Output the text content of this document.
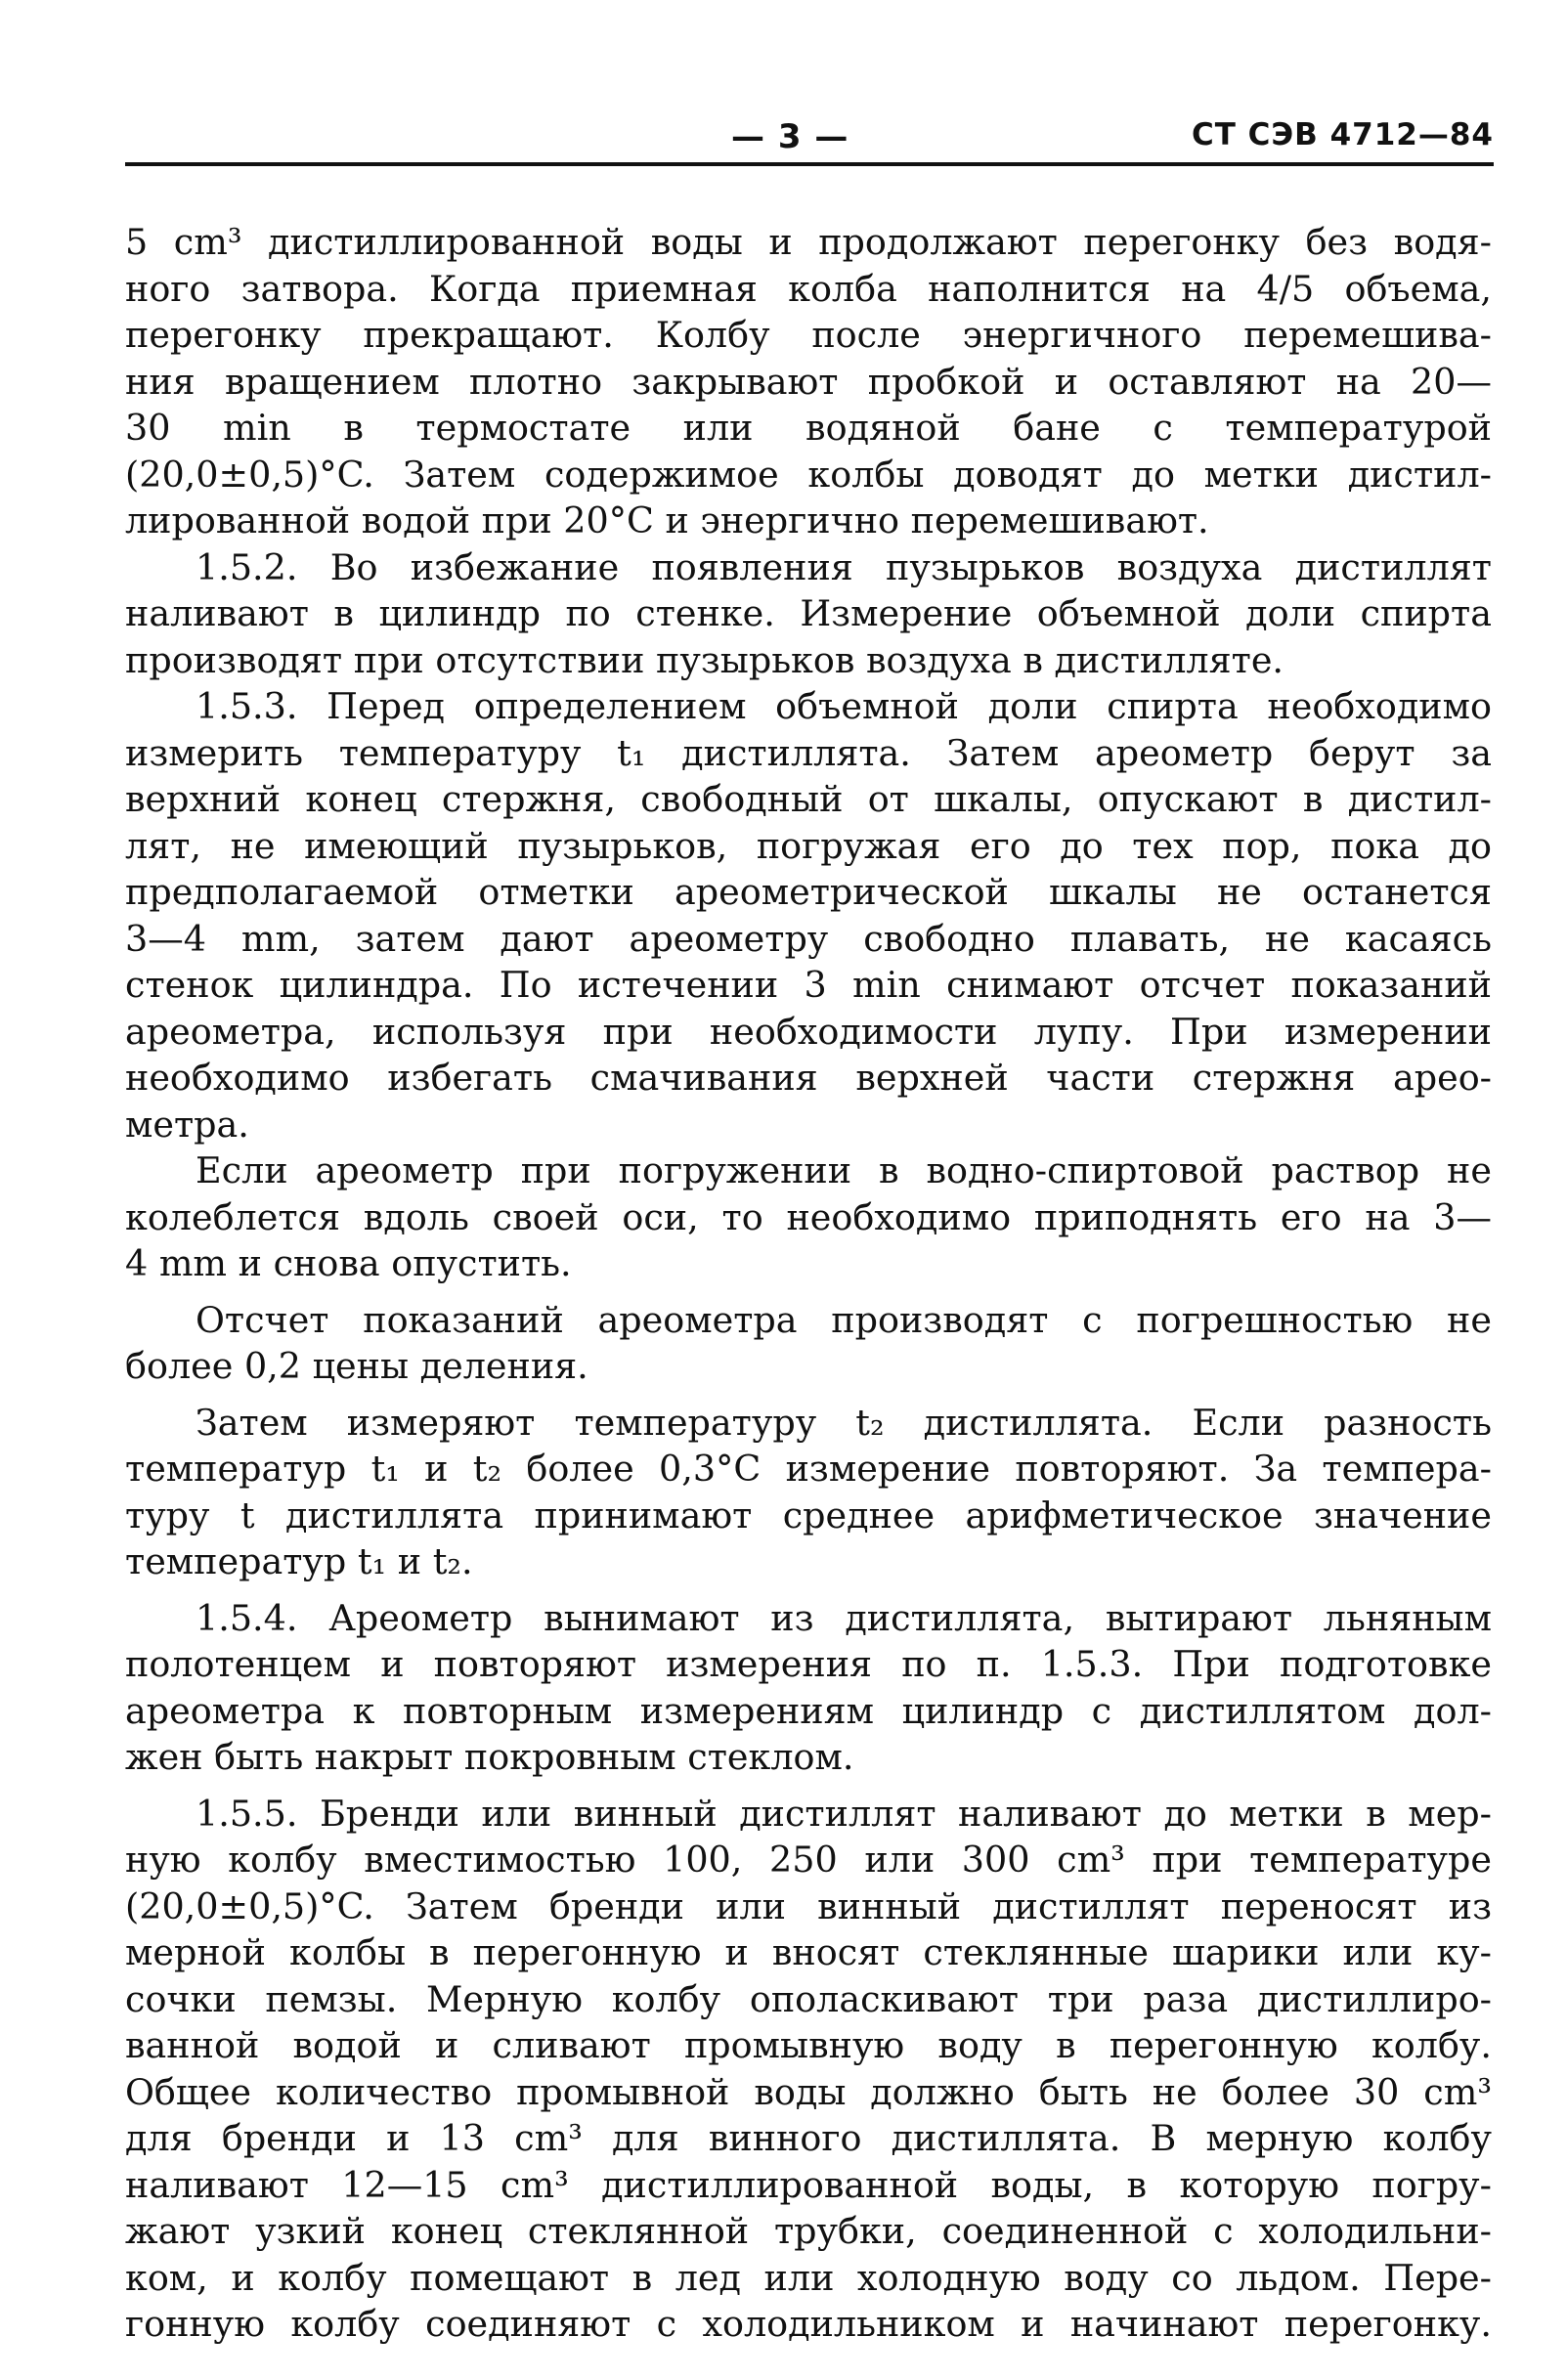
— 3 —	СТ СЭВ 4712—84
5 cm³ дистиллированной воды и продолжают перегонку без водя-
ного затвора. Когда приемная колба наполнится на 4/5 объема,
перегонку прекращают. Колбу после энергичного перемешива-
ния вращением плотно закрывают пробкой и оставляют на 20—
30 min в термостате или водяной бане с температурой
(20,0±0,5)°C. Затем содержимое колбы доводят до метки дистил-
лированной водой при 20°C и энергично перемешивают.
1.5.2. Во избежание появления пузырьков воздуха дистиллят
наливают в цилиндр по стенке. Измерение объемной доли спирта
производят при отсутствии пузырьков воздуха в дистилляте.
1.5.3. Перед определением объемной доли спирта необходимо
измерить температуру t₁ дистиллята. Затем ареометр берут за
верхний конец стержня, свободный от шкалы, опускают в дистил-
лят, не имеющий пузырьков, погружая его до тех пор, пока до
предполагаемой отметки ареометрической шкалы не останется
3—4 mm, затем дают ареометру свободно плавать, не касаясь
стенок цилиндра. По истечении 3 min снимают отсчет показаний
ареометра, используя при необходимости лупу. При измерении
необходимо избегать смачивания верхней части стержня арео-
метра.
Если ареометр при погружении в водно-спиртовой раствор не
колеблется вдоль своей оси, то необходимо приподнять его на 3—
4 mm и снова опустить.
Отсчет показаний ареометра производят с погрешностью не
более 0,2 цены деления.
Затем измеряют температуру t₂ дистиллята. Если разность
температур t₁ и t₂ более 0,3°C измерение повторяют. За темпера-
туру t дистиллята принимают среднее арифметическое значение
температур t₁ и t₂.
1.5.4. Ареометр вынимают из дистиллята, вытирают льняным
полотенцем и повторяют измерения по п. 1.5.3. При подготовке
ареометра к повторным измерениям цилиндр с дистиллятом дол-
жен быть накрыт покровным стеклом.
1.5.5. Бренди или винный дистиллят наливают до метки в мер-
ную колбу вместимостью 100, 250 или 300 cm³ при температуре
(20,0±0,5)°C. Затем бренди или винный дистиллят переносят из
мерной колбы в перегонную и вносят стеклянные шарики или ку-
сочки пемзы. Мерную колбу ополаскивают три раза дистиллиро-
ванной водой и сливают промывную воду в перегонную колбу.
Общее количество промывной воды должно быть не более 30 cm³
для бренди и 13 cm³ для винного дистиллята. В мерную колбу
наливают 12—15 cm³ дистиллированной воды, в которую погру-
жают узкий конец стеклянной трубки, соединенной с холодильни-
ком, и колбу помещают в лед или холодную воду со льдом. Пере-
гонную колбу соединяют с холодильником и начинают перегонку.
